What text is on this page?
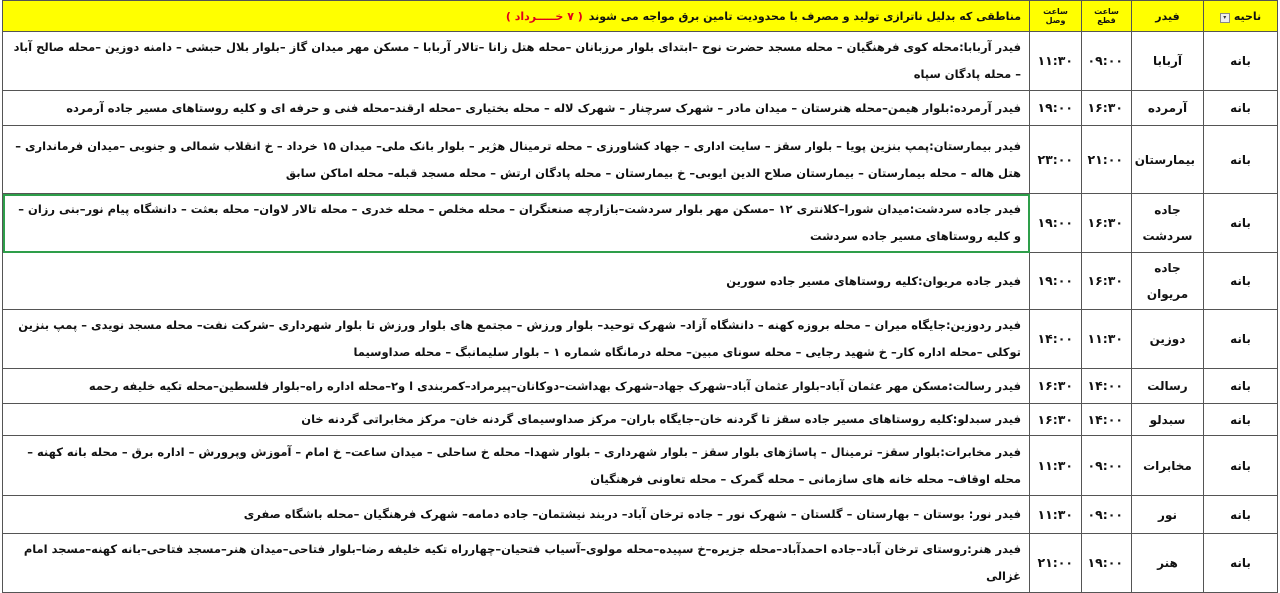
ناحیه▾	فیدر	ساعت قطع	ساعت وصل	مناطقی که بدلیل ناترازی تولید و مصرف با محدودیت تامین برق مواجه می شوند( ۷ خـــــرداد )
بانه	آربابا	۰۹:۰۰	۱۱:۳۰	فیدر آربابا:محله کوی فرهنگیان – محله مسجد حضرت نوح –ابتدای بلوار مرزبانان –محله هتل زانا –تالار آربابا – مسکن مهر میدان گاز –بلوار بلال حبشی – دامنه دوزین –محله صالح آباد – محله پادگان سپاه
بانه	آرمرده	۱۶:۳۰	۱۹:۰۰	فیدر آرمرده:بلوار هیمن–محله هنرستان – میدان مادر – شهرک سرچنار – شهرک لاله – محله بختیاری –محله ارقند–محله فنی و حرفه ای و کلیه روستاهای مسیر جاده آرمرده
بانه	بیمارستان	۲۱:۰۰	۲۳:۰۰	فیدر بیمارستان:پمپ بنزین پویا – بلوار سقز – سایت اداری – جهاد کشاورزی – محله ترمینال هژیر – بلوار بانک ملی– میدان ۱۵ خرداد – خ انقلاب شمالی و جنوبی –میدان فرمانداری – هتل هاله – محله بیمارستان – بیمارستان صلاح الدین ایوبی– خ بیمارستان – محله پادگان ارتش – محله مسجد قبله– محله اماکن سابق
بانه	جاده سردشت	۱۶:۳۰	۱۹:۰۰	فیدر جاده سردشت:میدان شورا–کلانتری ۱۲ –مسکن مهر بلوار سردشت–بازارچه صنعتگران – محله مخلص – محله خدری – محله تالار لاوان– محله بعثت – دانشگاه پیام نور–بنی رزان – و کلیه روستاهای مسیر جاده سردشت
بانه	جاده مریوان	۱۶:۳۰	۱۹:۰۰	فیدر جاده مریوان:کلیه روستاهای مسیر جاده سورین
بانه	دوزین	۱۱:۳۰	۱۴:۰۰	فیدر ردوزین:جایگاه میران – محله بروزه کهنه – دانشگاه آزاد– شهرک توحید– بلوار ورزش – مجتمع های بلوار ورزش تا بلوار شهرداری –شرکت نفت– محله مسجد نویدی – پمپ بنزین توکلی –محله اداره کار– خ شهید رجایی – محله سونای مبین– محله درمانگاه شماره ۱ – بلوار سلیمانبگ – محله صداوسیما
بانه	رسالت	۱۴:۰۰	۱۶:۳۰	فیدر رسالت:مسکن مهر عثمان آباد–بلوار عثمان آباد–شهرک جهاد–شهرک بهداشت–دوکانان–پیرمراد–کمربندی ا و۲–محله اداره راه–بلوار فلسطین–محله تکیه خلیفه رحمه
بانه	سبدلو	۱۴:۰۰	۱۶:۳۰	فیدر سبدلو:کلیه روستاهای مسیر جاده سقز تا گردنه خان–جایگاه باران– مرکز صداوسیمای گردنه خان– مرکز مخابراتی گردنه خان
بانه	مخابرات	۰۹:۰۰	۱۱:۳۰	فیدر مخابرات:بلوار سقز– ترمینال – پاساژهای بلوار سقز – بلوار شهرداری – بلوار شهدا– محله خ ساحلی – میدان ساعت– خ امام – آموزش وپرورش – اداره برق – محله بانه کهنه – محله اوقاف– محله خانه های سازمانی – محله گمرک – محله تعاونی فرهنگیان
بانه	نور	۰۹:۰۰	۱۱:۳۰	فیدر نور: بوستان – بهارستان – گلستان – شهرک نور – جاده ترخان آباد– دربند نیشتمان– جاده دمامه– شهرک فرهنگیان –محله باشگاه صفری
بانه	هنر	۱۹:۰۰	۲۱:۰۰	فیدر هنر:روستای ترخان آباد–جاده احمدآباد–محله جزیره–خ سپیده–محله مولوی–آسیاب فتحیان–چهارراه تکیه خلیفه رضا–بلوار فتاحی–میدان هنر–مسجد فتاحی–بانه کهنه–مسجد امام غزالی
